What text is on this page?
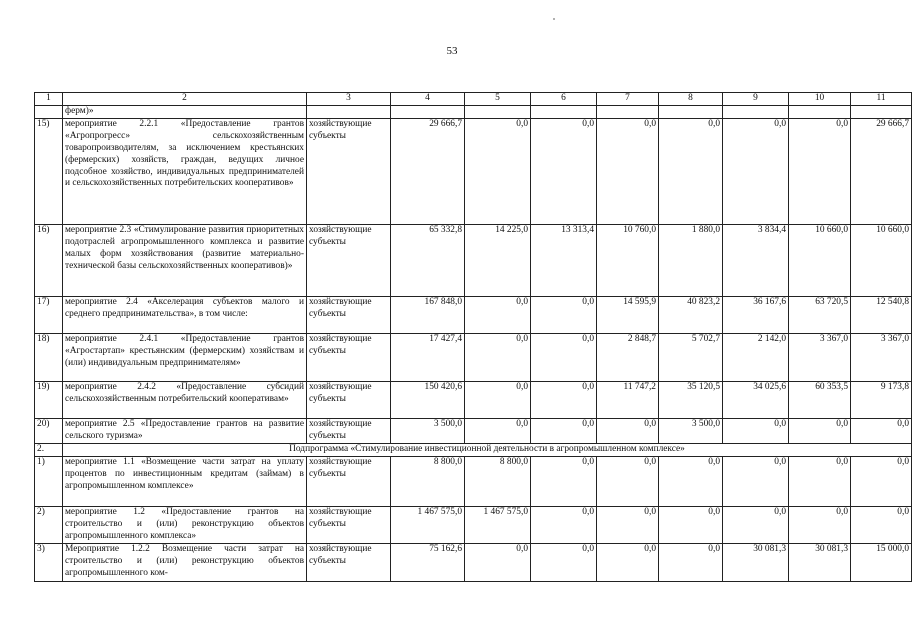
53
1	2	3	4	5	6	7	8	9	10	11
	ферм)»									
15)	мероприятие 2.2.1 «Предоставление грантов «Агропрогресс» сельскохозяйственным товаропроизводителям, за исключением крестьянских (фермерских) хозяйств, граждан, ведущих личное подсобное хозяйство, индивидуальных предпринимателей и сельскохозяйственных потребительских кооперативов»	хозяйствующие субъекты	29 666,7	0,0	0,0	0,0	0,0	0,0	0,0	29 666,7
16)	мероприятие 2.3 «Стимулирование развития приоритетных подотраслей агропромышленного комплекса и развитие малых форм хозяйствования (развитие материально-технической базы сельскохозяйственных кооперативов)»	хозяйствующие субъекты	65 332,8	14 225,0	13 313,4	10 760,0	1 880,0	3 834,4	10 660,0	10 660,0
17)	мероприятие 2.4 «Акселерация субъектов малого и среднего предпринимательства», в том числе:	хозяйствующие субъекты	167 848,0	0,0	0,0	14 595,9	40 823,2	36 167,6	63 720,5	12 540,8
18)	мероприятие 2.4.1 «Предоставление грантов «Агростартап» крестьянским (фермерским) хозяйствам и (или) индивидуальным предпринимателям»	хозяйствующие субъекты	17 427,4	0,0	0,0	2 848,7	5 702,7	2 142,0	3 367,0	3 367,0
19)	мероприятие 2.4.2 «Предоставление субсидий сельскохозяйственным потребительский кооперативам»	хозяйствующие субъекты	150 420,6	0,0	0,0	11 747,2	35 120,5	34 025,6	60 353,5	9 173,8
20)	мероприятие 2.5 «Предоставление грантов на развитие сельского туризма»	хозяйствующие субъекты	3 500,0	0,0	0,0	0,0	3 500,0	0,0	0,0	0,0
2.	Подпрограмма «Стимулирование инвестиционной деятельности в агропромышленном комплексе»									
1)	мероприятие 1.1 «Возмещение части затрат на уплату процентов по инвестиционным кредитам (займам) в агропромышленном комплексе»	хозяйствующие субъекты	8 800,0	8 800,0	0,0	0,0	0,0	0,0	0,0	0,0
2)	мероприятие 1.2 «Предоставление грантов на строительство и (или) реконструкцию объектов агропромышленного комплекса»	хозяйствующие субъекты	1 467 575,0	1 467 575,0	0,0	0,0	0,0	0,0	0,0	0,0
3)	Мероприятие 1.2.2 Возмещение части затрат на строительство и (или) реконструкцию объектов агропромышленного ком-	хозяйствующие субъекты	75 162,6	0,0	0,0	0,0	0,0	30 081,3	30 081,3	15 000,0
